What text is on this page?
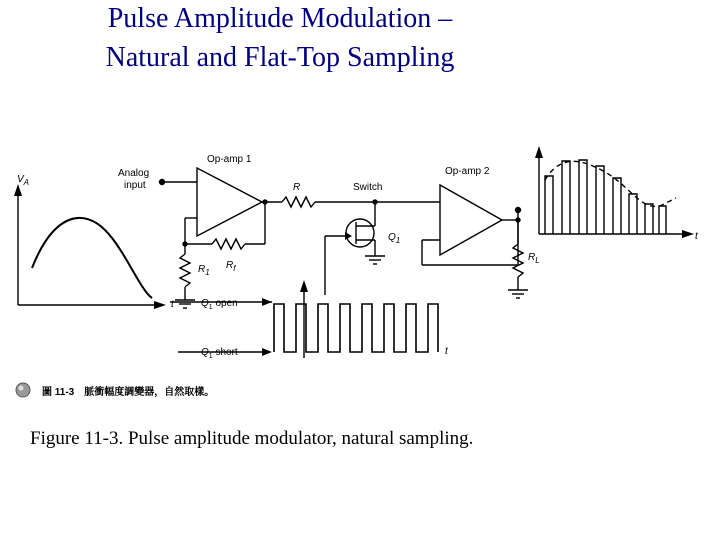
Pulse Amplitude Modulation –
Natural and Flat-Top Sampling
$V_A$
Analog
input
Op-amp 1
Op-amp 2
R	Switch
$Q_1$
$R_1$
$R_f$
$R_L$
t
t
t
$Q_1$ open
$Q_1$ short
圖 11-3　脈衝幅度調變器，自然取樣。
Figure 11-3. Pulse amplitude modulator, natural sampling.
